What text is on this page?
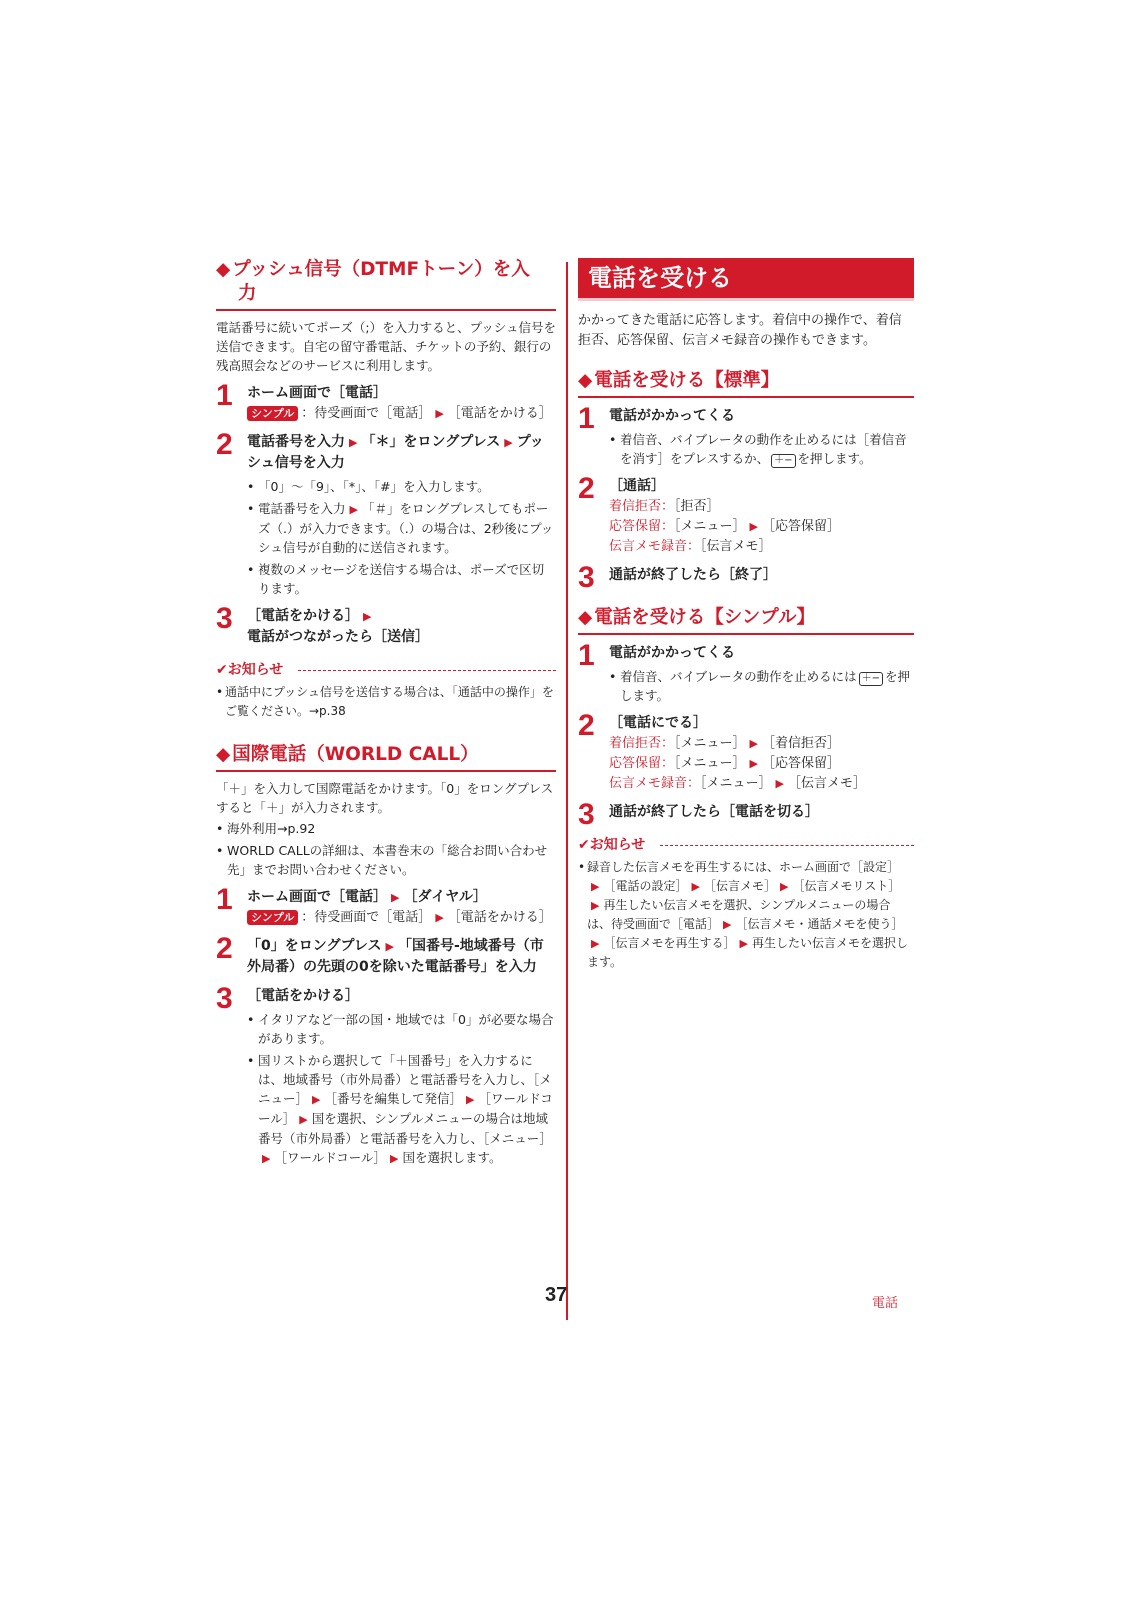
◆ プッシュ信号（DTMFトーン）を入
力

電話番号に続いてポーズ（;）を入力すると、プッシュ信号を送信できます。自宅の留守番電話、チケットの予約、銀行の残高照会などのサービスに利用します。

1 ホーム画面で［電話］
シンプル ：待受画面で［電話］ ▶ ［電話をかける］
2 電話番号を入力 ▶ 「＊」をロングプレス ▶ プッシュ信号を入力
• 「0」～「9」、「*」、「#」を入力します。
• 電話番号を入力 ▶ 「＃」をロングプレスしてもポーズ（.）が入力できます。（.）の場合は、2秒後にプッシュ信号が自動的に送信されます。
• 複数のメッセージを送信する場合は、ポーズで区切ります。
3 ［電話をかける］ ▶電話がつながったら［送信］
✔お知らせ
• 通話中にプッシュ信号を送信する場合は、「通話中の操作」をご覧ください。→p.38
◆ 国際電話（WORLD CALL）

「＋」を入力して国際電話をかけます。「0」をロングプレスすると「＋」が入力されます。

• 海外利用→p.92
• WORLD CALLの詳細は、本書巻末の「総合お問い合わせ先」までお問い合わせください。
1 ホーム画面で［電話］ ▶ ［ダイヤル］
シンプル ：待受画面で［電話］ ▶ ［電話をかける］
2 「0」をロングプレス ▶ 「国番号-地域番号（市外局番）の先頭の0を除いた電話番号」を入力
3 ［電話をかける］
• イタリアなど一部の国・地域では「0」が必要な場合があります。
• 国リストから選択して「＋国番号」を入力するには、地域番号（市外局番）と電話番号を入力し、［メニュー］ ▶ ［番号を編集して発信］ ▶ ［ワールドコール］ ▶ 国を選択、シンプルメニューの場合は地域番号（市外局番）と電話番号を入力し、［メニュー］▶ ［ワールドコール］ ▶ 国を選択します。
電話を受ける

かかってきた電話に応答します。着信中の操作で、着信拒否、応答保留、伝言メモ録音の操作もできます。

◆ 電話を受ける【標準】
1 電話がかかってくる
• 着信音、バイブレータの動作を止めるには［着信音を消す］をプレスするか、 ＋− を押します。
2 ［通話］
着信拒否：［拒否］
応答保留：［メニュー］ ▶ ［応答保留］
伝言メモ録音：［伝言メモ］
3 通話が終了したら［終了］
◆ 電話を受ける【シンプル】
1 電話がかかってくる
• 着信音、バイブレータの動作を止めるには ＋− を押します。
2 ［電話にでる］
着信拒否：［メニュー］ ▶ ［着信拒否］
応答保留：［メニュー］ ▶ ［応答保留］
伝言メモ録音：［メニュー］ ▶ ［伝言メモ］
3 通話が終了したら［電話を切る］
✔お知らせ
• 録音した伝言メモを再生するには、ホーム画面で［設定］▶ ［電話の設定］ ▶ ［伝言メモ］ ▶ ［伝言メモリスト］▶ 再生したい伝言メモを選択、シンプルメニューの場合は、待受画面で［電話］ ▶ ［伝言メモ・通話メモを使う］▶ ［伝言メモを再生する］ ▶ 再生したい伝言メモを選択します。
37	電話
